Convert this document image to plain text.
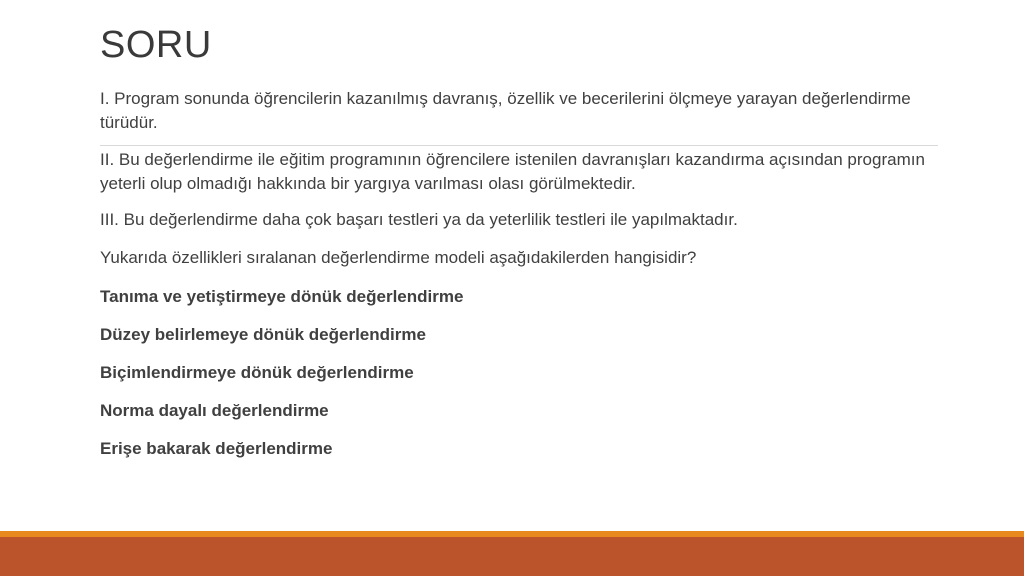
SORU

I. Program sonunda öğrencilerin kazanılmış davranış, özellik ve becerilerini ölçmeye yarayan değerlendirme türüdür.

II. Bu değerlendirme ile eğitim programının öğrencilere istenilen davranışları kazandırma açısından programın yeterli olup olmadığı hakkında bir yargıya varılması olası görülmektedir.

III. Bu değerlendirme daha çok başarı testleri ya da yeterlilik testleri ile yapılmaktadır.

Yukarıda özellikleri sıralanan değerlendirme modeli aşağıdakilerden hangisidir?

Tanıma ve yetiştirmeye dönük değerlendirme

Düzey belirlemeye dönük değerlendirme

Biçimlendirmeye dönük değerlendirme

Norma dayalı değerlendirme

Erişe bakarak değerlendirme
